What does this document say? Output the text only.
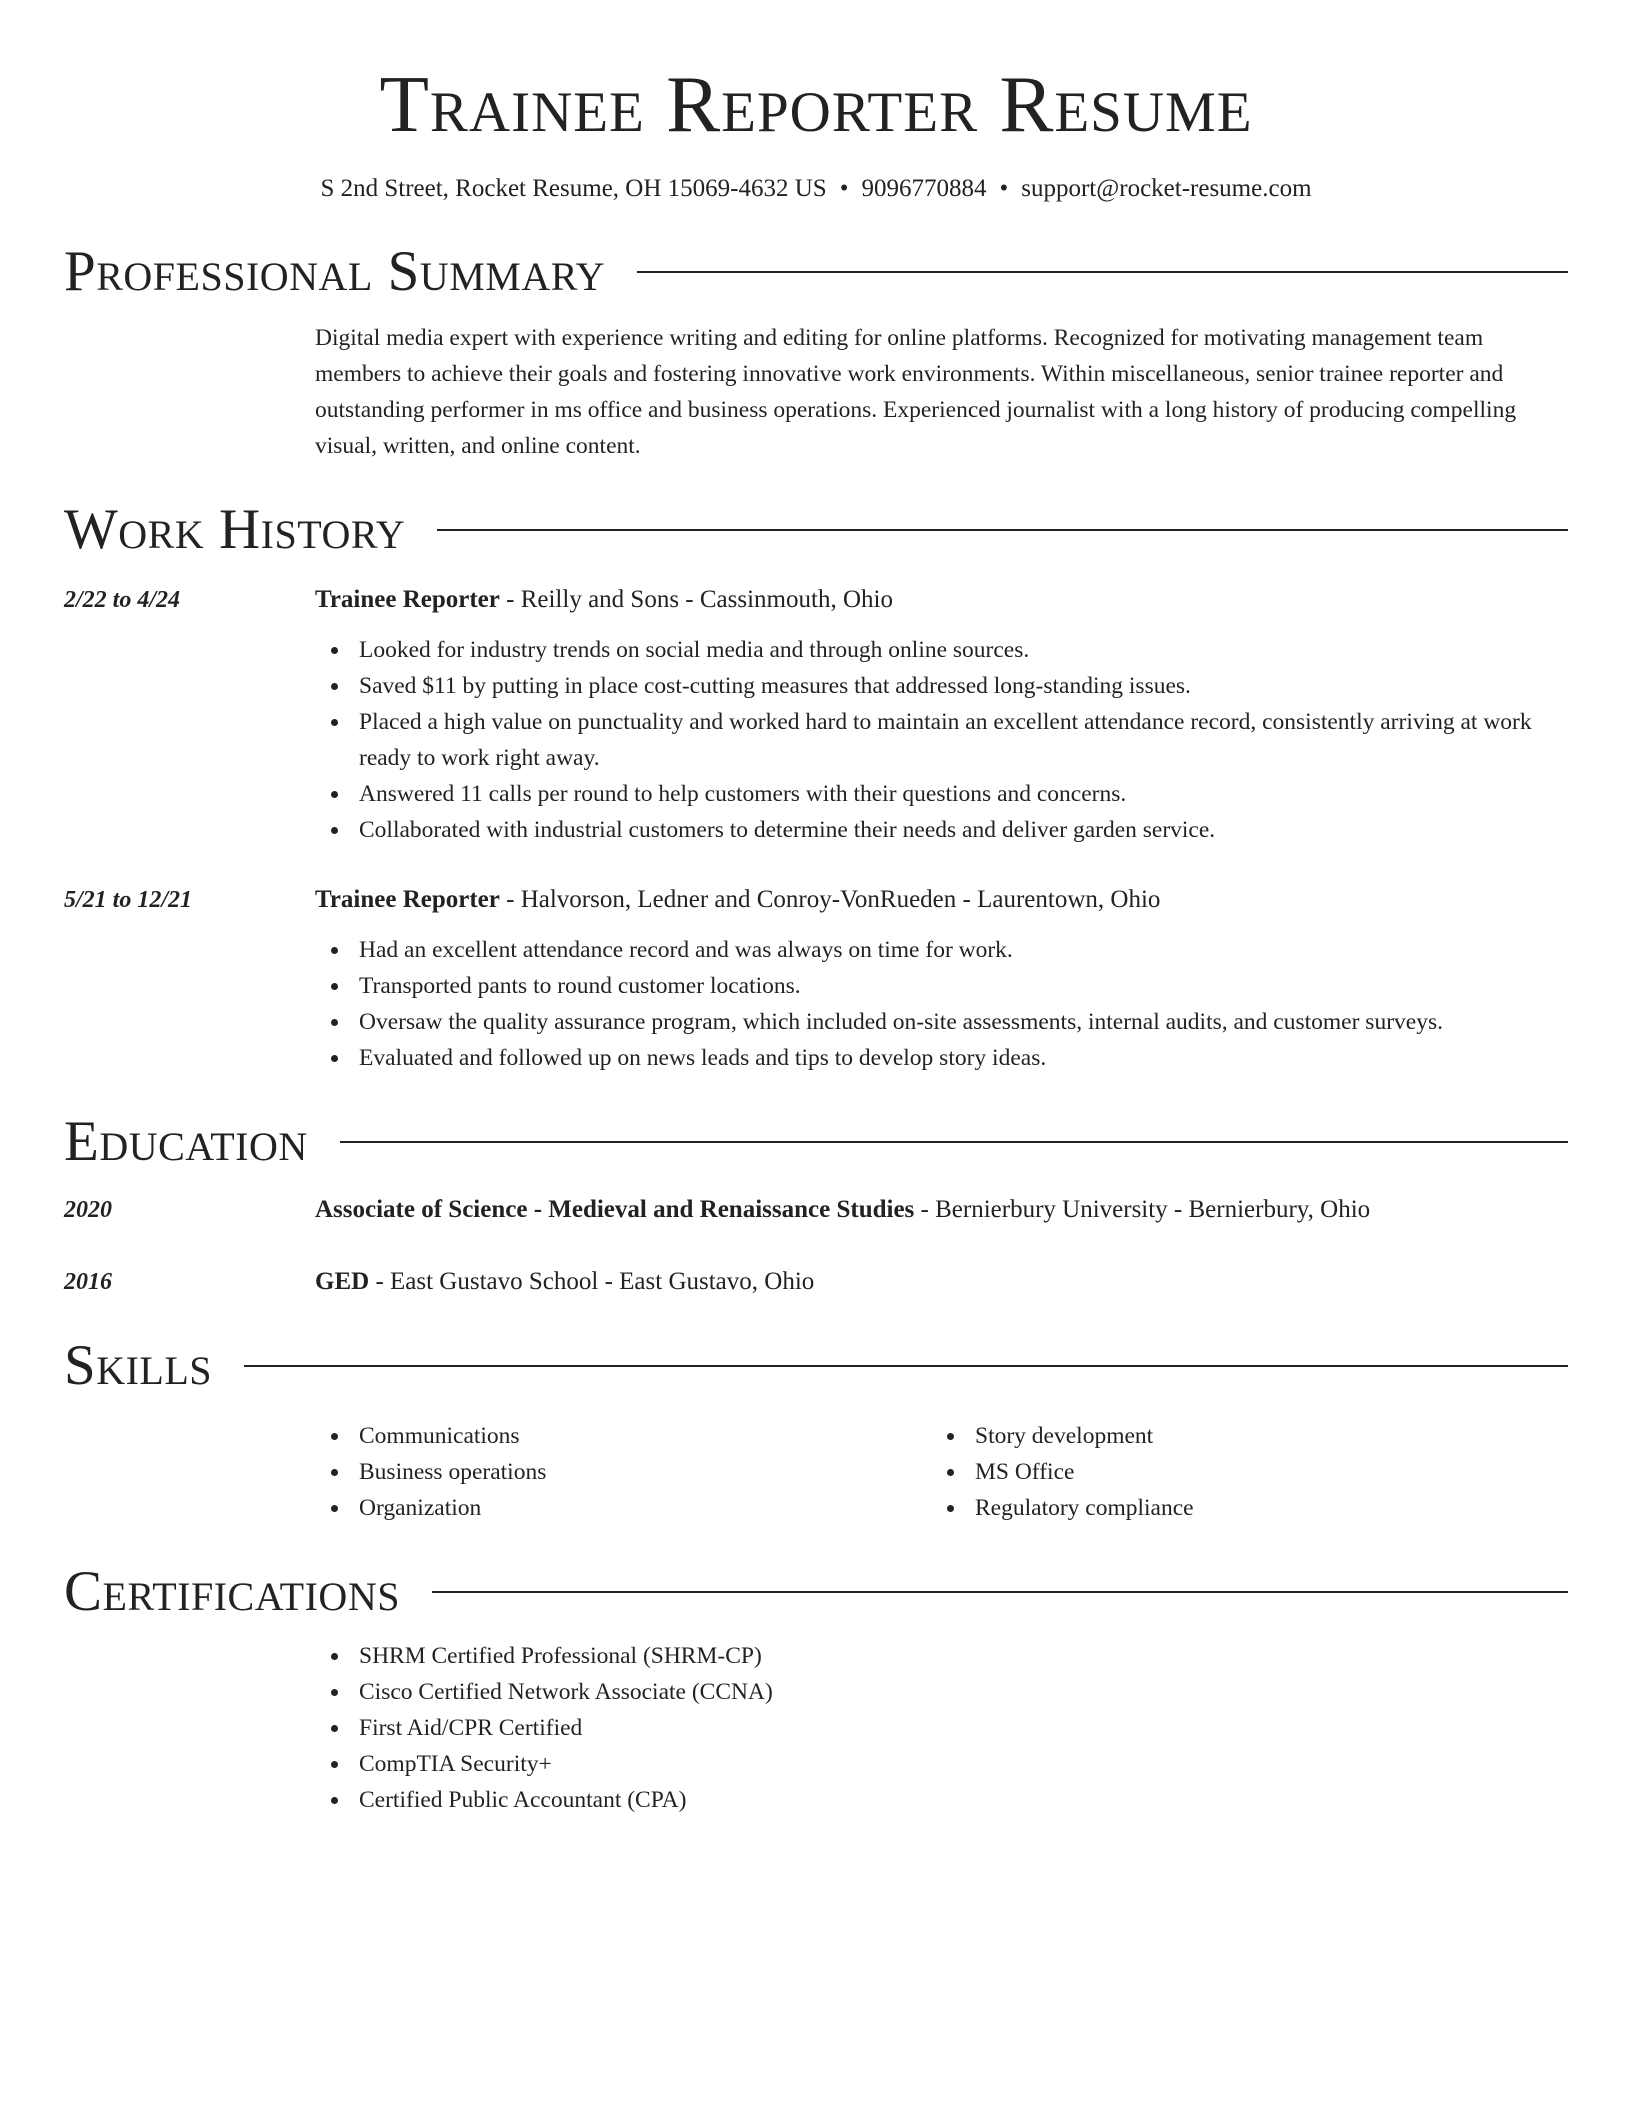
Trainee Reporter Resume
S 2nd Street, Rocket Resume, OH 15069-4632 US • 9096770884 • support@rocket-resume.com
Professional Summary

Digital media expert with experience writing and editing for online platforms. Recognized for motivating management team members to achieve their goals and fostering innovative work environments. Within miscellaneous, senior trainee reporter and outstanding performer in ms office and business operations. Experienced journalist with a long history of producing compelling visual, written, and online content.

Work History
2/22 to 4/24	Trainee Reporter - Reilly and Sons - Cassinmouth, Ohio
Looked for industry trends on social media and through online sources.
Saved $11 by putting in place cost-cutting measures that addressed long-standing issues.
Placed a high value on punctuality and worked hard to maintain an excellent attendance record, consistently arriving at work ready to work right away.
Answered 11 calls per round to help customers with their questions and concerns.
Collaborated with industrial customers to determine their needs and deliver garden service.
5/21 to 12/21	Trainee Reporter - Halvorson, Ledner and Conroy-VonRueden - Laurentown, Ohio
Had an excellent attendance record and was always on time for work.
Transported pants to round customer locations.
Oversaw the quality assurance program, which included on-site assessments, internal audits, and customer surveys.
Evaluated and followed up on news leads and tips to develop story ideas.
Education
2020	Associate of Science - Medieval and Renaissance Studies - Bernierbury University - Bernierbury, Ohio
2016	GED - East Gustavo School - East Gustavo, Ohio
Skills
Communications
Business operations
Organization
Story development
MS Office
Regulatory compliance
Certifications
SHRM Certified Professional (SHRM-CP)
Cisco Certified Network Associate (CCNA)
First Aid/CPR Certified
CompTIA Security+
Certified Public Accountant (CPA)
